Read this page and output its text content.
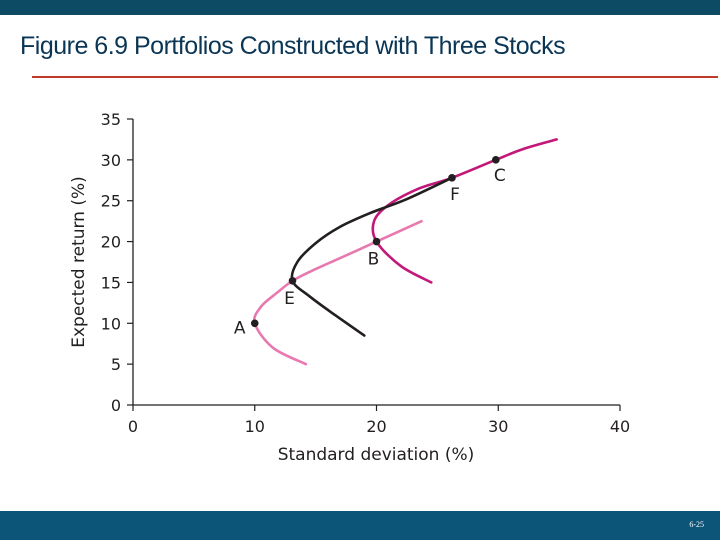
Figure 6.9 Portfolios Constructed with Three Stocks
0	10	20	30	40
0
5
10
15
20
25
30
35
A
E
B
F
C
Standard deviation (%)
Expected return (%)
6-25
